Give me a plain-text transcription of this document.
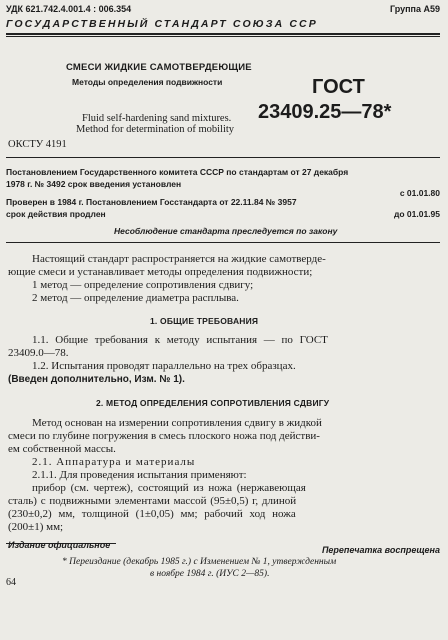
УДК 621.742.4.001.4 : 006.354	Группа А59
ГОСУДАРСТВЕННЫЙ СТАНДАРТ СОЮЗА ССР
СМЕСИ ЖИДКИЕ САМОТВЕРДЕЮЩИЕ
Методы определения подвижности	ГОСТ
23409.25—78*
Fluid self-hardening sand mixtures.
Method for determination of mobility
ОКСТУ 4191
Постановлением Государственного комитета СССР по стандартам от 27 декабря
1978 г. № 3492 срок введения установлен
с 01.01.80
Проверен в 1984 г. Постановлением Госстандарта от 22.11.84 № 3957
срок действия продлен	до 01.01.95
Несоблюдение стандарта преследуется по закону
Настоящий стандарт распространяется на жидкие самотверде-
ющие смеси и устанавливает методы определения подвижности;
1 метод — определение сопротивления сдвигу;
2 метод — определение диаметра расплыва.
1. ОБЩИЕ ТРЕБОВАНИЯ
1.1. Общие требования к методу испытания — по ГОСТ
23409.0—78.
1.2. Испытания проводят параллельно на трех образцах.
(Введен дополнительно, Изм. № 1).
2. МЕТОД ОПРЕДЕЛЕНИЯ СОПРОТИВЛЕНИЯ СДВИГУ
Метод основан на измерении сопротивления сдвигу в жидкой
смеси по глубине погружения в смесь плоского ножа под действи-
ем собственной массы.
2.1. Аппаратура и материалы
2.1.1. Для проведения испытания применяют:
прибор (см. чертеж), состоящий из ножа (нержавеющая
сталь) с подвижными элементами массой (95±0,5) г, длиной
(230±0,2) мм, толщиной (1±0,05) мм; рабочий ход ножа
(200±1) мм;
Издание официальное	Перепечатка воспрещена
* Переиздание (декабрь 1985 г.) с Изменением № 1, утвержденным
в ноябре 1984 г. (ИУС 2—85).
64
